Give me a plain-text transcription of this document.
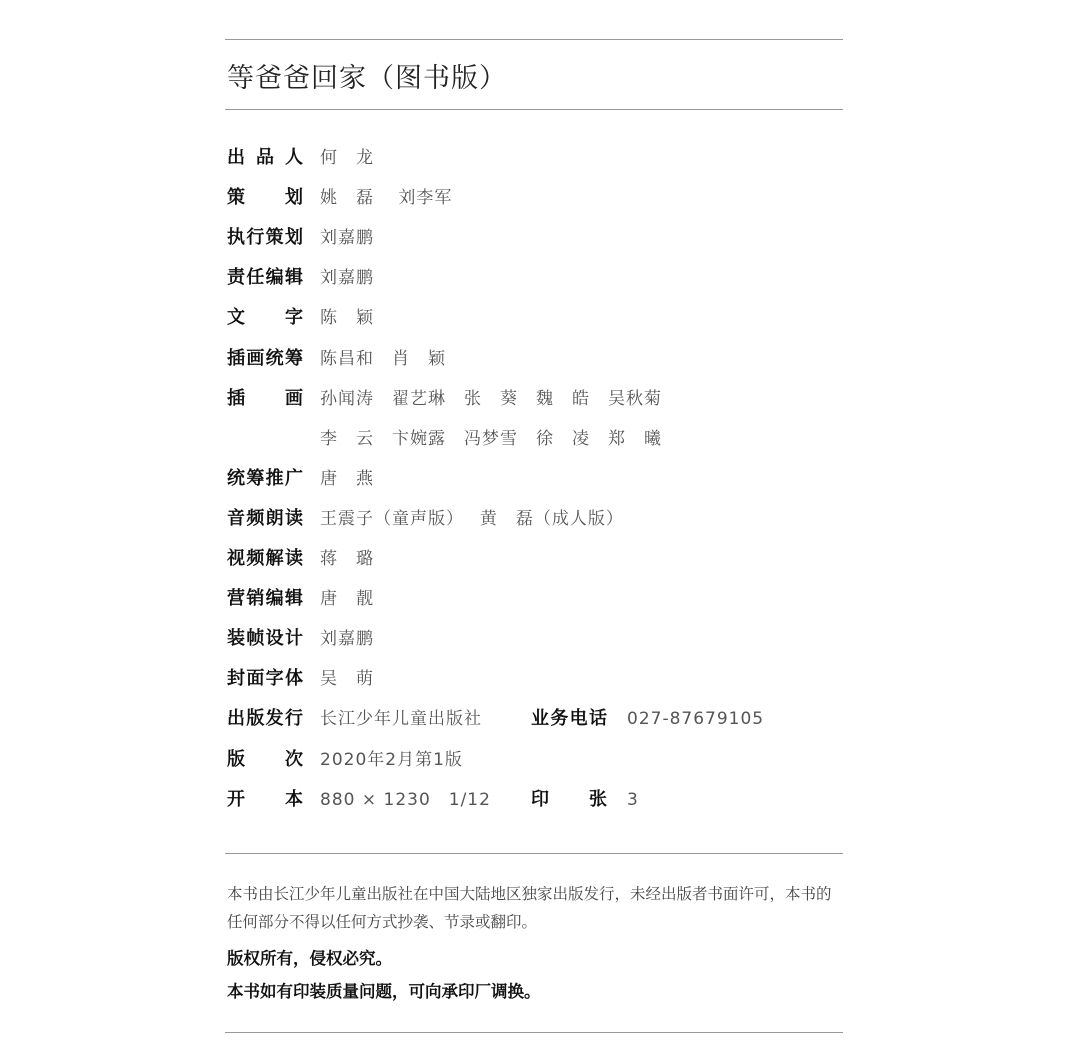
等爸爸回家（图书版）
出品人 何　龙
策　划 姚　磊　 刘李军
执行策划 刘嘉鹏
责任编辑 刘嘉鹏
文　字 陈　颖
插画统筹 陈昌和　肖　颖
插　画 孙闻涛　翟艺琳　张　葵　魏　皓　吴秋菊
李　云　卞婉露　冯梦雪　徐　凌　郑　曦
统筹推广 唐　燕
音频朗读 王震子（童声版）　 黄　磊（成人版）
视频解读 蒋　璐
营销编辑 唐　靓
装帧设计 刘嘉鹏
封面字体 吴　萌
出版发行 长江少年儿童出版社	业务电话 027-87679105
版　次 2020年2月第1版
开　本 880 × 1230　1/12 印　张 3
本书由长江少年儿童出版社在中国大陆地区独家出版发行，未经出版者书面许可，本书的任何部分不得以任何方式抄袭、节录或翻印。
版权所有，侵权必究。
本书如有印装质量问题，可向承印厂调换。
